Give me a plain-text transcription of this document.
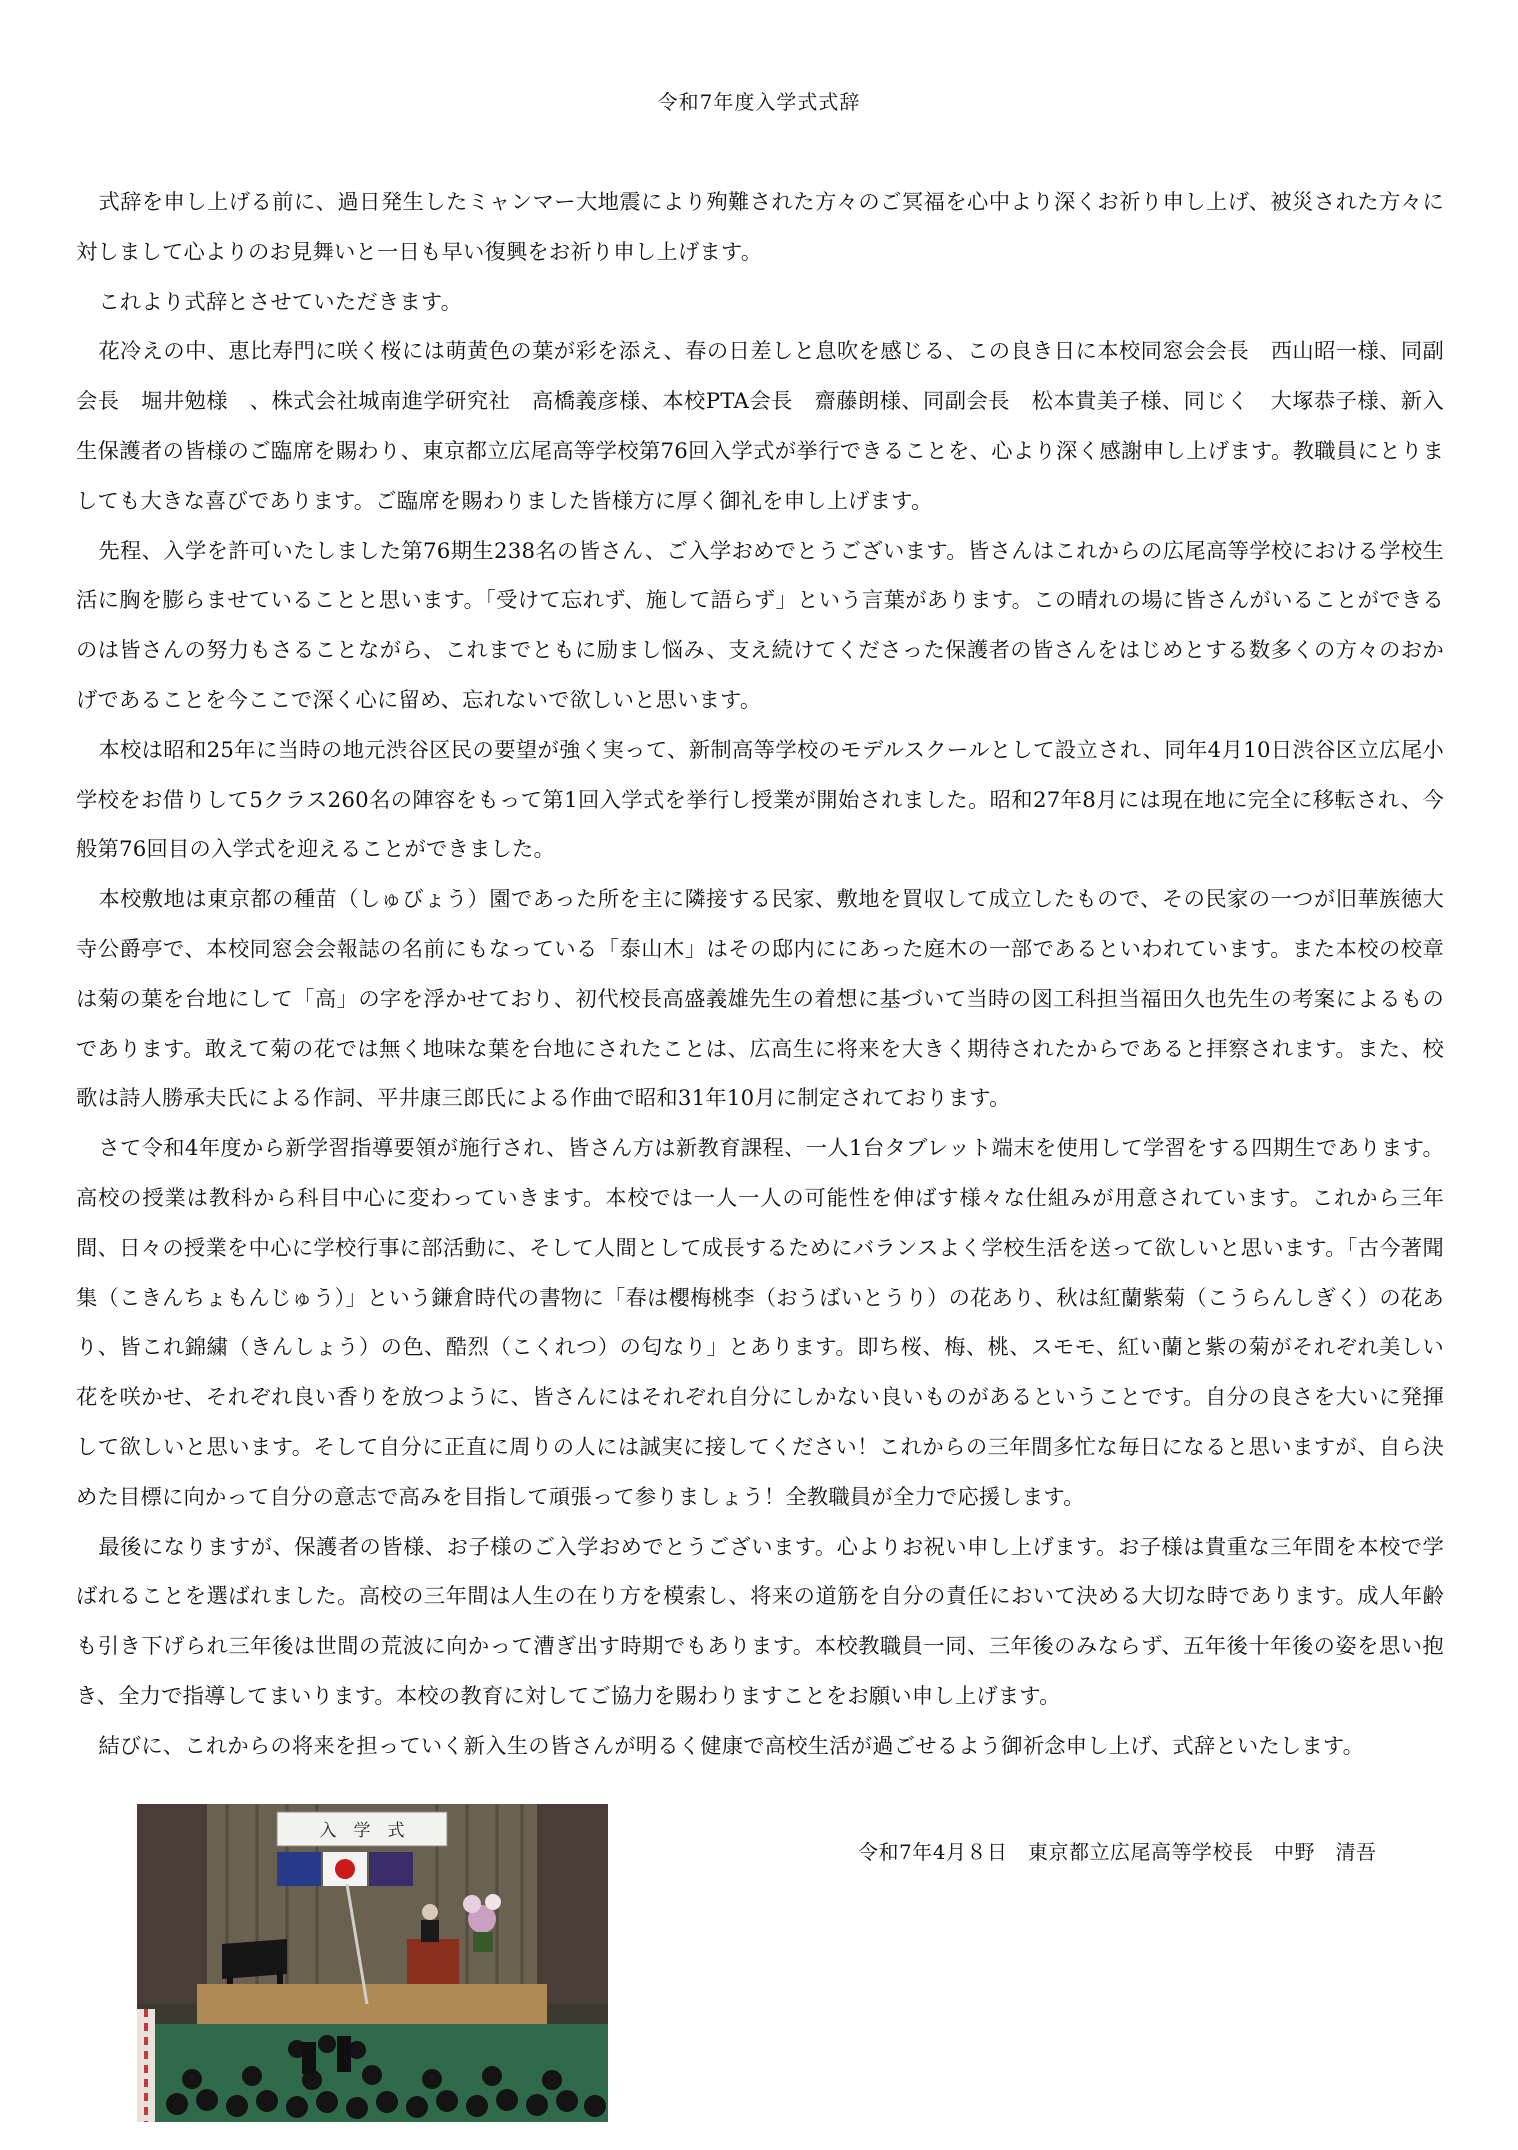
令和7年度入学式式辞

式辞を申し上げる前に、過日発生したミャンマー大地震により殉難された方々のご冥福を心中より深くお祈り申し上げ、被災された方々に対しまして心よりのお見舞いと一日も早い復興をお祈り申し上げます。

これより式辞とさせていただきます。

花冷えの中、恵比寿門に咲く桜には萌黄色の葉が彩を添え、春の日差しと息吹を感じる、この良き日に本校同窓会会長　西山昭一様、同副会長　堀井勉様　、株式会社城南進学研究社　高橋義彦様、本校PTA会長　齋藤朗様、同副会長　松本貴美子様、同じく　大塚恭子様、新入生保護者の皆様のご臨席を賜わり、東京都立広尾高等学校第76回入学式が挙行できることを、心より深く感謝申し上げます。教職員にとりましても大きな喜びであります。ご臨席を賜わりました皆様方に厚く御礼を申し上げます。

先程、入学を許可いたしました第76期生238名の皆さん、ご入学おめでとうございます。皆さんはこれからの広尾高等学校における学校生活に胸を膨らませていることと思います。「受けて忘れず、施して語らず」という言葉があります。この晴れの場に皆さんがいることができるのは皆さんの努力もさることながら、これまでともに励まし悩み、支え続けてくださった保護者の皆さんをはじめとする数多くの方々のおかげであることを今ここで深く心に留め、忘れないで欲しいと思います。

本校は昭和25年に当時の地元渋谷区民の要望が強く実って、新制高等学校のモデルスクールとして設立され、同年4月10日渋谷区立広尾小学校をお借りして5クラス260名の陣容をもって第1回入学式を挙行し授業が開始されました。昭和27年8月には現在地に完全に移転され、今般第76回目の入学式を迎えることができました。

本校敷地は東京都の種苗（しゅびょう）園であった所を主に隣接する民家、敷地を買収して成立したもので、その民家の一つが旧華族徳大寺公爵亭で、本校同窓会会報誌の名前にもなっている「泰山木」はその邸内ににあった庭木の一部であるといわれています。また本校の校章は菊の葉を台地にして「高」の字を浮かせており、初代校長高盛義雄先生の着想に基づいて当時の図工科担当福田久也先生の考案によるものであります。敢えて菊の花では無く地味な葉を台地にされたことは、広高生に将来を大きく期待されたからであると拝察されます。また、校歌は詩人勝承夫氏による作詞、平井康三郎氏による作曲で昭和31年10月に制定されております。

さて令和4年度から新学習指導要領が施行され、皆さん方は新教育課程、一人1台タブレット端末を使用して学習をする四期生であります。高校の授業は教科から科目中心に変わっていきます。本校では一人一人の可能性を伸ばす様々な仕組みが用意されています。これから三年間、日々の授業を中心に学校行事に部活動に、そして人間として成長するためにバランスよく学校生活を送って欲しいと思います。「古今著聞集（こきんちょもんじゅう）」という鎌倉時代の書物に「春は櫻梅桃李（おうばいとうり）の花あり、秋は紅蘭紫菊（こうらんしぎく）の花あり、皆これ錦繍（きんしょう）の色、酷烈（こくれつ）の匂なり」とあります。即ち桜、梅、桃、スモモ、紅い蘭と紫の菊がそれぞれ美しい花を咲かせ、それぞれ良い香りを放つように、皆さんにはそれぞれ自分にしかない良いものがあるということです。自分の良さを大いに発揮して欲しいと思います。そして自分に正直に周りの人には誠実に接してください！これからの三年間多忙な毎日になると思いますが、自ら決めた目標に向かって自分の意志で高みを目指して頑張って参りましょう！全教職員が全力で応援します。

最後になりますが、保護者の皆様、お子様のご入学おめでとうございます。心よりお祝い申し上げます。お子様は貴重な三年間を本校で学ばれることを選ばれました。高校の三年間は人生の在り方を模索し、将来の道筋を自分の責任において決める大切な時であります。成人年齢も引き下げられ三年後は世間の荒波に向かって漕ぎ出す時期でもあります。本校教職員一同、三年後のみならず、五年後十年後の姿を思い抱き、全力で指導してまいります。本校の教育に対してご協力を賜わりますことをお願い申し上げます。

結びに、これからの将来を担っていく新入生の皆さんが明るく健康で高校生活が過ごせるよう御祈念申し上げ、式辞といたします。

入　学　式
令和7年4月８日　東京都立広尾高等学校長　中野　清吾
